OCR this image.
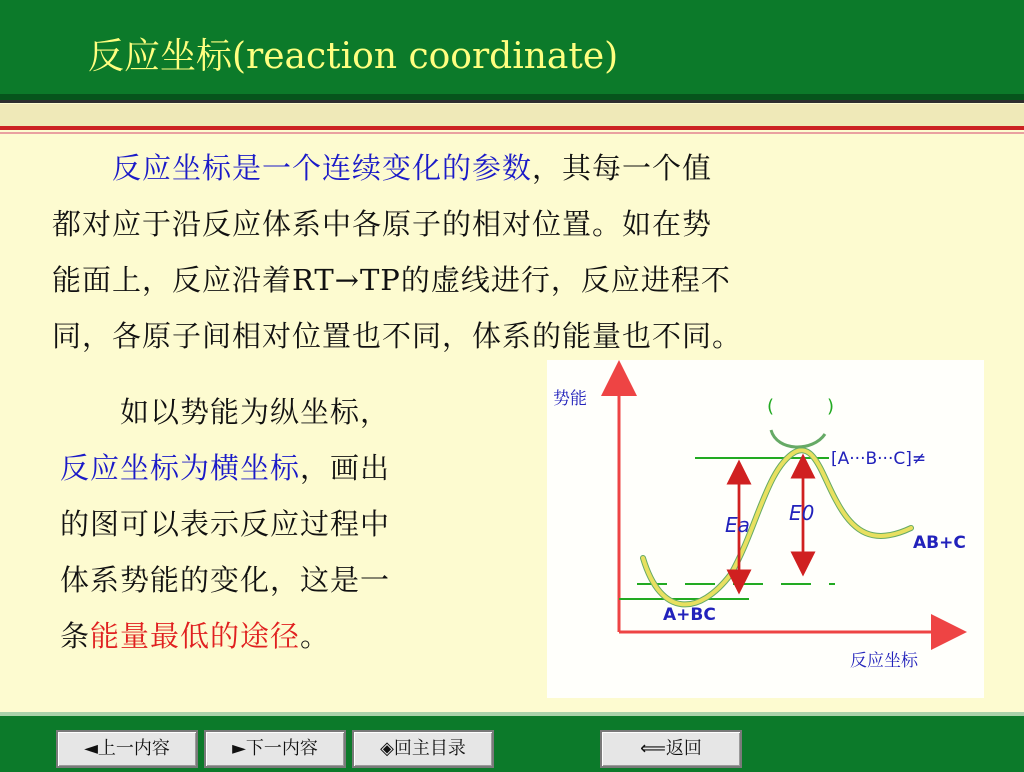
反应坐标(reaction coordinate)
　　反应坐标是一个连续变化的参数，其每一个值
都对应于沿反应体系中各原子的相对位置。如在势
能面上，反应沿着RT→TP的虚线进行，反应进程不
同，各原子间相对位置也不同，体系的能量也不同。
　　如以势能为纵坐标，
反应坐标为横坐标，画出
的图可以表示反应过程中
体系势能的变化，这是一
条能量最低的途径。
势能
反应坐标
(	)
Ea E0
[A···B···C]≠
AB+C
A+BC
◄上一内容	►下一内容	◈回主目录	⟸返回
